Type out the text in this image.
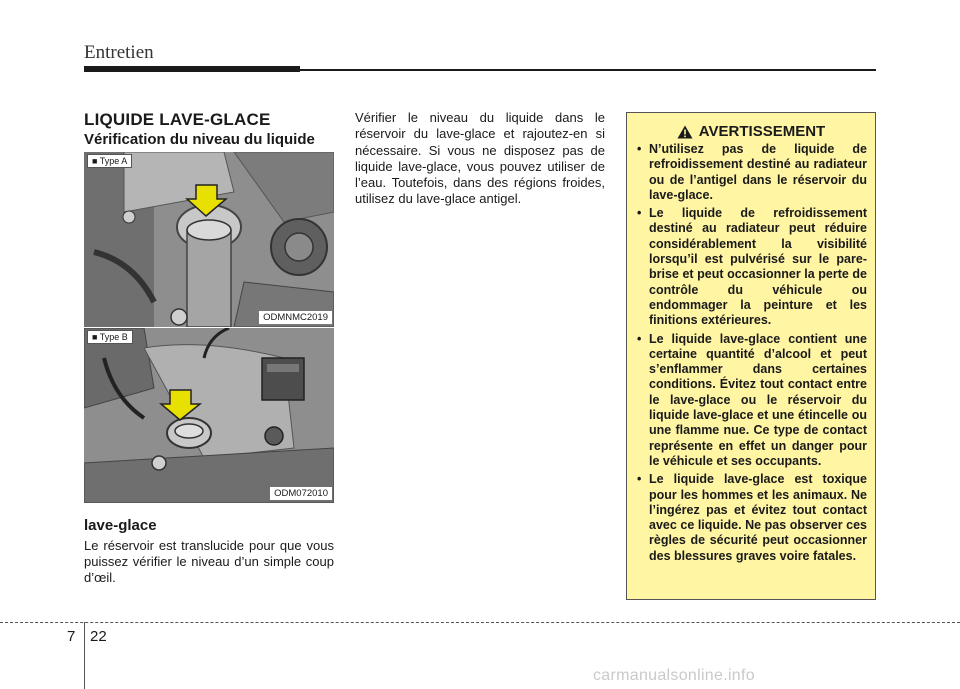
Entretien
LIQUIDE LAVE-GLACE
Vérification du niveau du liquide
■ Type A
ODMNMC2019
■ Type B
ODM072010
lave-glace

Le réservoir est translucide pour que vous puissez vérifier le niveau d’un simple coup d’œil.

Vérifier le niveau du liquide dans le réservoir du lave-glace et rajoutez-en si nécessaire. Si vous ne disposez pas de liquide lave-glace, vous pouvez utiliser de l’eau. Toutefois, dans des régions froides, utilisez du lave-glace antigel.

AVERTISSEMENT
• N’utilisez pas de liquide de refroidissement destiné au radiateur ou de l’antigel dans le réservoir du lave-glace.
• Le liquide de refroidissement destiné au radiateur peut réduire considérablement la visibilité lorsqu’il est pulvérisé sur le pare-brise et peut occasionner la perte de contrôle du véhicule ou endommager la peinture et les finitions extérieures.
• Le liquide lave-glace contient une certaine quantité d’alcool et peut s’enflammer dans certaines conditions. Évitez tout contact entre le lave-glace ou le réservoir du liquide lave-glace et une étincelle ou une flamme nue. Ce type de contact représente en effet un danger pour le véhicule et ses occupants.
• Le liquide lave-glace est toxique pour les hommes et les animaux. Ne l’ingérez pas et évitez tout contact avec ce liquide. Ne pas observer ces règles de sécurité peut occasionner des blessures graves voire fatales.
7 22
carmanualsonline.info
